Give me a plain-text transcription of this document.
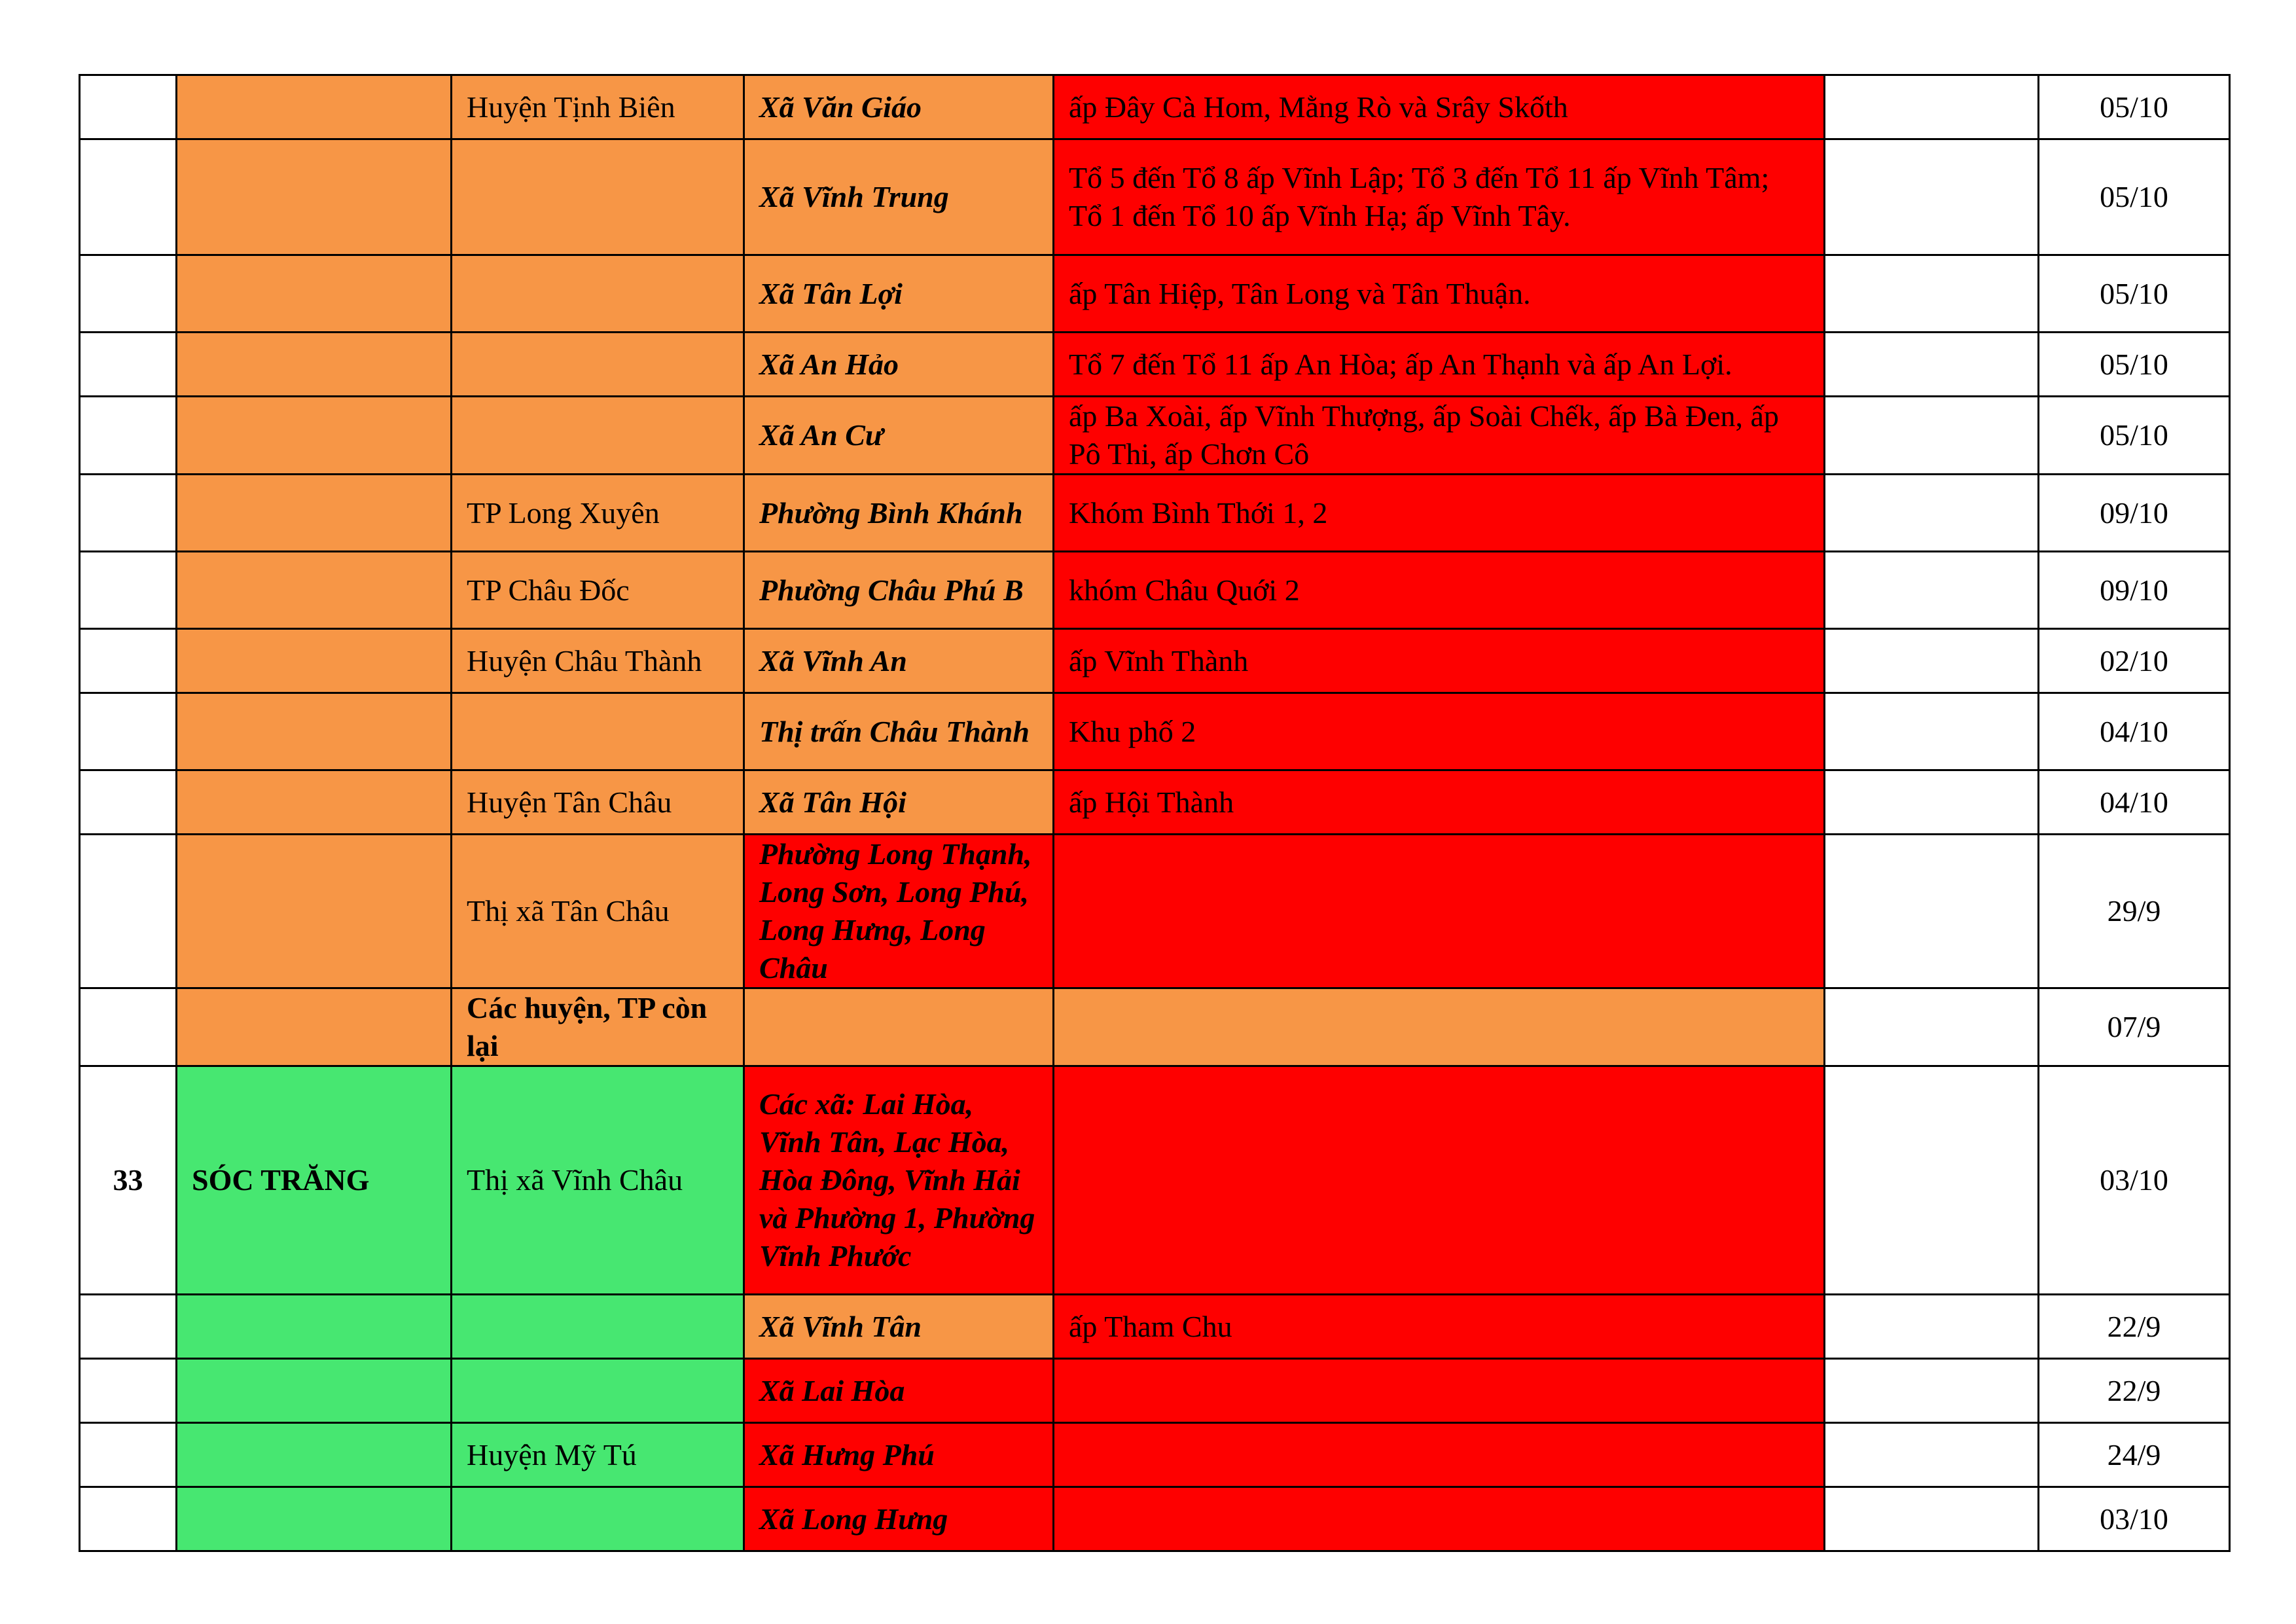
		Huyện Tịnh Biên	Xã Văn Giáo	ấp Đây Cà Hom, Mằng Rò và Srây Skốth		05/10
			Xã Vĩnh Trung	Tổ 5 đến Tổ 8 ấp Vĩnh Lập; Tổ 3 đến Tổ 11 ấp Vĩnh Tâm; Tổ 1 đến Tổ 10 ấp Vĩnh Hạ; ấp Vĩnh Tây.		05/10
			Xã Tân Lợi	ấp Tân Hiệp, Tân Long và Tân Thuận.		05/10
			Xã An Hảo	Tổ 7 đến Tổ 11 ấp An Hòa; ấp An Thạnh và ấp An Lợi.		05/10
			Xã An Cư	ấp Ba Xoài, ấp Vĩnh Thượng, ấp Soài Chếk, ấp Bà Đen, ấp Pô Thi, ấp Chơn Cô		05/10
		TP Long Xuyên	Phường Bình Khánh	Khóm Bình Thới 1, 2		09/10
		TP Châu Đốc	Phường Châu Phú B	khóm Châu Quới 2		09/10
		Huyện Châu Thành	Xã Vĩnh An	ấp Vĩnh Thành		02/10
			Thị trấn Châu Thành	Khu phố 2		04/10
		Huyện Tân Châu	Xã Tân Hội	ấp Hội Thành		04/10
		Thị xã Tân Châu	Phường Long Thạnh, Long Sơn, Long Phú, Long Hưng, Long Châu			29/9
		Các huyện, TP còn lại				07/9
33	SÓC TRĂNG	Thị xã Vĩnh Châu	Các xã: Lai Hòa, Vĩnh Tân, Lạc Hòa, Hòa Đông, Vĩnh Hải và Phường 1, Phường Vĩnh Phước			03/10
			Xã Vĩnh Tân	ấp Tham Chu		22/9
			Xã Lai Hòa			22/9
		Huyện Mỹ Tú	Xã Hưng Phú			24/9
			Xã Long Hưng			03/10
